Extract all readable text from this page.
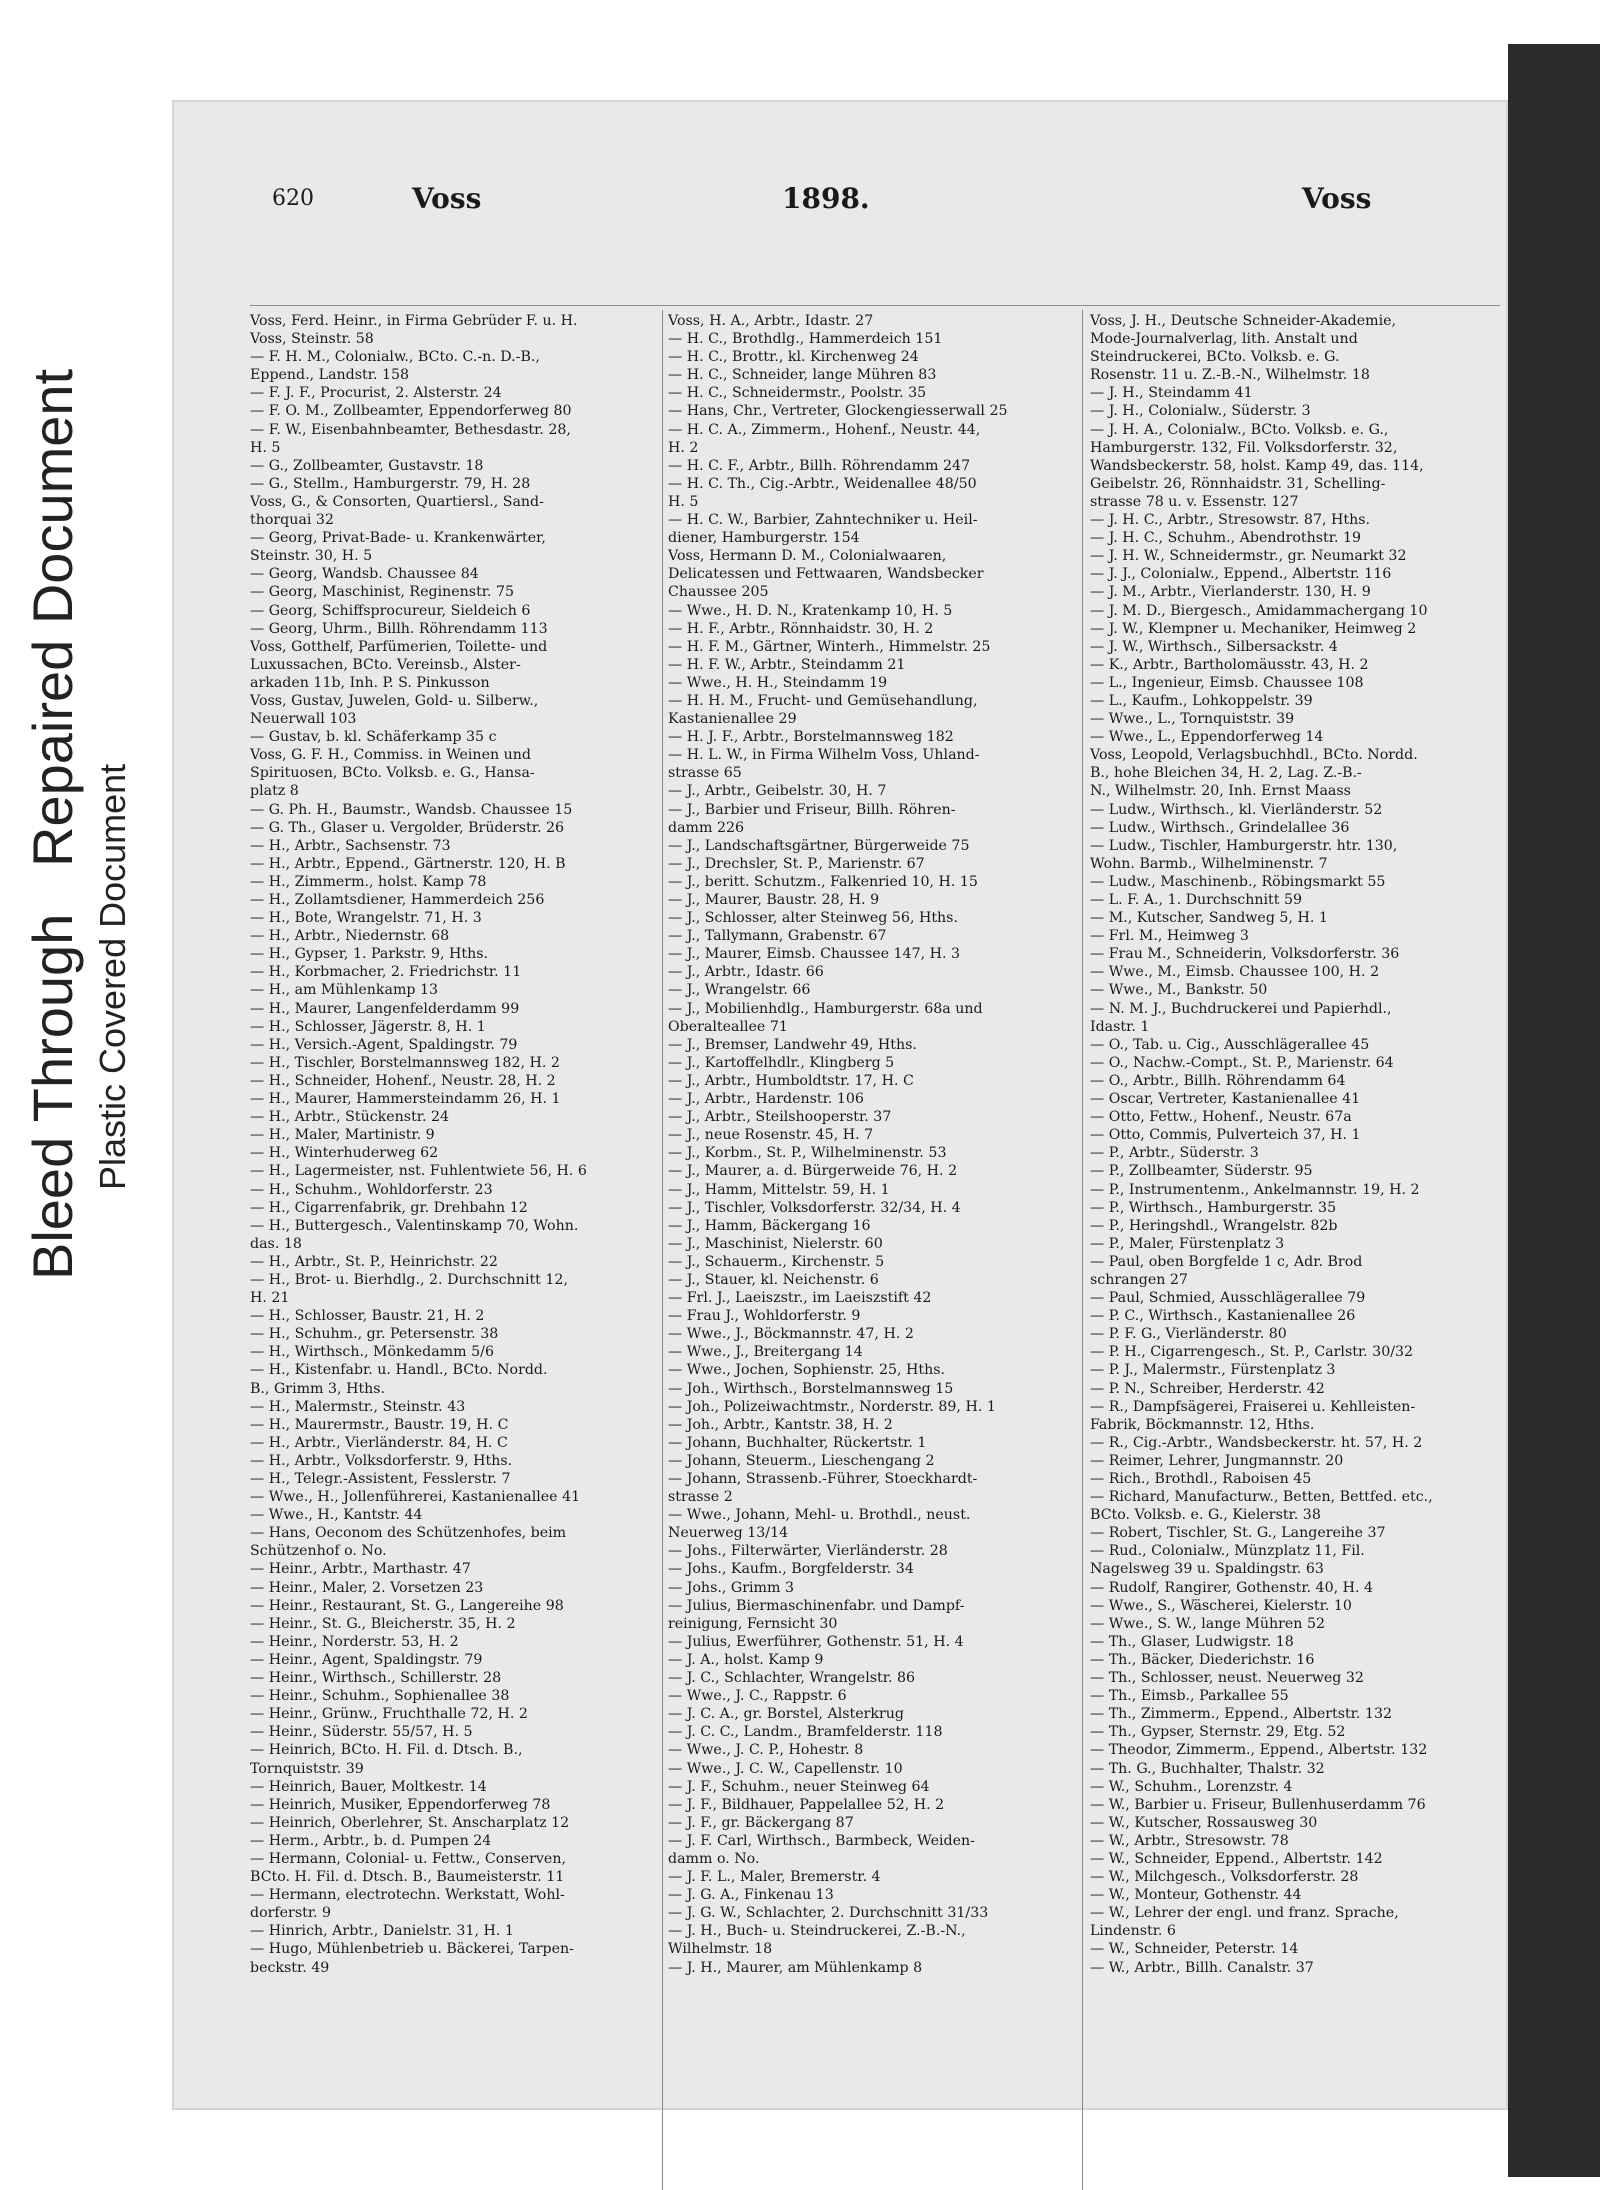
Bleed Through   Repaired Document
Plastic Covered Document
620	Voss	1898.	Voss
Voss, Ferd. Heinr., in Firma Gebrüder F. u. H.
Voss, Steinstr. 58
— F. H. M., Colonialw., BCto. C.-n. D.-B.,
Eppend., Landstr. 158
— F. J. F., Procurist, 2. Alsterstr. 24
— F. O. M., Zollbeamter, Eppendorferweg 80
— F. W., Eisenbahnbeamter, Bethesdastr. 28,
H. 5
— G., Zollbeamter, Gustavstr. 18
— G., Stellm., Hamburgerstr. 79, H. 28
Voss, G., & Consorten, Quartiersl., Sand-
thorquai 32
— Georg, Privat-Bade- u. Krankenwärter,
Steinstr. 30, H. 5
— Georg, Wandsb. Chaussee 84
— Georg, Maschinist, Reginenstr. 75
— Georg, Schiffsprocureur, Sieldeich 6
— Georg, Uhrm., Billh. Röhrendamm 113
Voss, Gotthelf, Parfümerien, Toilette- und
Luxussachen, BCto. Vereinsb., Alster-
arkaden 11b, Inh. P. S. Pinkusson
Voss, Gustav, Juwelen, Gold- u. Silberw.,
Neuerwall 103
— Gustav, b. kl. Schäferkamp 35 c
Voss, G. F. H., Commiss. in Weinen und
Spirituosen, BCto. Volksb. e. G., Hansa-
platz 8
— G. Ph. H., Baumstr., Wandsb. Chaussee 15
— G. Th., Glaser u. Vergolder, Brüderstr. 26
— H., Arbtr., Sachsenstr. 73
— H., Arbtr., Eppend., Gärtnerstr. 120, H. B
— H., Zimmerm., holst. Kamp 78
— H., Zollamtsdiener, Hammerdeich 256
— H., Bote, Wrangelstr. 71, H. 3
— H., Arbtr., Niedernstr. 68
— H., Gypser, 1. Parkstr. 9, Hths.
— H., Korbmacher, 2. Friedrichstr. 11
— H., am Mühlenkamp 13
— H., Maurer, Langenfelderdamm 99
— H., Schlosser, Jägerstr. 8, H. 1
— H., Versich.-Agent, Spaldingstr. 79
— H., Tischler, Borstelmannsweg 182, H. 2
— H., Schneider, Hohenf., Neustr. 28, H. 2
— H., Maurer, Hammersteindamm 26, H. 1
— H., Arbtr., Stückenstr. 24
— H., Maler, Martinistr. 9
— H., Winterhuderweg 62
— H., Lagermeister, nst. Fuhlentwiete 56, H. 6
— H., Schuhm., Wohldorferstr. 23
— H., Cigarrenfabrik, gr. Drehbahn 12
— H., Buttergesch., Valentinskamp 70, Wohn.
das. 18
— H., Arbtr., St. P., Heinrichstr. 22
— H., Brot- u. Bierhdlg., 2. Durchschnitt 12,
H. 21
— H., Schlosser, Baustr. 21, H. 2
— H., Schuhm., gr. Petersenstr. 38
— H., Wirthsch., Mönkedamm 5/6
— H., Kistenfabr. u. Handl., BCto. Nordd.
B., Grimm 3, Hths.
— H., Malermstr., Steinstr. 43
— H., Maurermstr., Baustr. 19, H. C
— H., Arbtr., Vierländerstr. 84, H. C
— H., Arbtr., Volksdorferstr. 9, Hths.
— H., Telegr.-Assistent, Fesslerstr. 7
— Wwe., H., Jollenführerei, Kastanienallee 41
— Wwe., H., Kantstr. 44
— Hans, Oeconom des Schützenhofes, beim
Schützenhof o. No.
— Heinr., Arbtr., Marthastr. 47
— Heinr., Maler, 2. Vorsetzen 23
— Heinr., Restaurant, St. G., Langereihe 98
— Heinr., St. G., Bleicherstr. 35, H. 2
— Heinr., Norderstr. 53, H. 2
— Heinr., Agent, Spaldingstr. 79
— Heinr., Wirthsch., Schillerstr. 28
— Heinr., Schuhm., Sophienallee 38
— Heinr., Grünw., Fruchthalle 72, H. 2
— Heinr., Süderstr. 55/57, H. 5
— Heinrich, BCto. H. Fil. d. Dtsch. B.,
Tornquiststr. 39
— Heinrich, Bauer, Moltkestr. 14
— Heinrich, Musiker, Eppendorferweg 78
— Heinrich, Oberlehrer, St. Anscharplatz 12
— Herm., Arbtr., b. d. Pumpen 24
— Hermann, Colonial- u. Fettw., Conserven,
BCto. H. Fil. d. Dtsch. B., Baumeisterstr. 11
— Hermann, electrotechn. Werkstatt, Wohl-
dorferstr. 9
— Hinrich, Arbtr., Danielstr. 31, H. 1
— Hugo, Mühlenbetrieb u. Bäckerei, Tarpen-
beckstr. 49
Voss, H. A., Arbtr., Idastr. 27
— H. C., Brothdlg., Hammerdeich 151
— H. C., Brottr., kl. Kirchenweg 24
— H. C., Schneider, lange Mühren 83
— H. C., Schneidermstr., Poolstr. 35
— Hans, Chr., Vertreter, Glockengiesserwall 25
— H. C. A., Zimmerm., Hohenf., Neustr. 44,
H. 2
— H. C. F., Arbtr., Billh. Röhrendamm 247
— H. C. Th., Cig.-Arbtr., Weidenallee 48/50
H. 5
— H. C. W., Barbier, Zahntechniker u. Heil-
diener, Hamburgerstr. 154
Voss, Hermann D. M., Colonialwaaren,
Delicatessen und Fettwaaren, Wandsbecker
Chaussee 205
— Wwe., H. D. N., Kratenkamp 10, H. 5
— H. F., Arbtr., Rönnhaidstr. 30, H. 2
— H. F. M., Gärtner, Winterh., Himmelstr. 25
— H. F. W., Arbtr., Steindamm 21
— Wwe., H. H., Steindamm 19
— H. H. M., Frucht- und Gemüsehandlung,
Kastanienallee 29
— H. J. F., Arbtr., Borstelmannsweg 182
— H. L. W., in Firma Wilhelm Voss, Uhland-
strasse 65
— J., Arbtr., Geibelstr. 30, H. 7
— J., Barbier und Friseur, Billh. Röhren-
damm 226
— J., Landschaftsgärtner, Bürgerweide 75
— J., Drechsler, St. P., Marienstr. 67
— J., beritt. Schutzm., Falkenried 10, H. 15
— J., Maurer, Baustr. 28, H. 9
— J., Schlosser, alter Steinweg 56, Hths.
— J., Tallymann, Grabenstr. 67
— J., Maurer, Eimsb. Chaussee 147, H. 3
— J., Arbtr., Idastr. 66
— J., Wrangelstr. 66
— J., Mobilienhdlg., Hamburgerstr. 68a und
Oberalteallee 71
— J., Bremser, Landwehr 49, Hths.
— J., Kartoffelhdlr., Klingberg 5
— J., Arbtr., Humboldtstr. 17, H. C
— J., Arbtr., Hardenstr. 106
— J., Arbtr., Steilshooperstr. 37
— J., neue Rosenstr. 45, H. 7
— J., Korbm., St. P., Wilhelminenstr. 53
— J., Maurer, a. d. Bürgerweide 76, H. 2
— J., Hamm, Mittelstr. 59, H. 1
— J., Tischler, Volksdorferstr. 32/34, H. 4
— J., Hamm, Bäckergang 16
— J., Maschinist, Nielerstr. 60
— J., Schauerm., Kirchenstr. 5
— J., Stauer, kl. Neichenstr. 6
— Frl. J., Laeiszstr., im Laeiszstift 42
— Frau J., Wohldorferstr. 9
— Wwe., J., Böckmannstr. 47, H. 2
— Wwe., J., Breitergang 14
— Wwe., Jochen, Sophienstr. 25, Hths.
— Joh., Wirthsch., Borstelmannsweg 15
— Joh., Polizeiwachtmstr., Norderstr. 89, H. 1
— Joh., Arbtr., Kantstr. 38, H. 2
— Johann, Buchhalter, Rückertstr. 1
— Johann, Steuerm., Lieschengang 2
— Johann, Strassenb.-Führer, Stoeckhardt-
strasse 2
— Wwe., Johann, Mehl- u. Brothdl., neust.
Neuerweg 13/14
— Johs., Filterwärter, Vierländerstr. 28
— Johs., Kaufm., Borgfelderstr. 34
— Johs., Grimm 3
— Julius, Biermaschinenfabr. und Dampf-
reinigung, Fernsicht 30
— Julius, Ewerführer, Gothenstr. 51, H. 4
— J. A., holst. Kamp 9
— J. C., Schlachter, Wrangelstr. 86
— Wwe., J. C., Rappstr. 6
— J. C. A., gr. Borstel, Alsterkrug
— J. C. C., Landm., Bramfelderstr. 118
— Wwe., J. C. P., Hohestr. 8
— Wwe., J. C. W., Capellenstr. 10
— J. F., Schuhm., neuer Steinweg 64
— J. F., Bildhauer, Pappelallee 52, H. 2
— J. F., gr. Bäckergang 87
— J. F. Carl, Wirthsch., Barmbeck, Weiden-
damm o. No.
— J. F. L., Maler, Bremerstr. 4
— J. G. A., Finkenau 13
— J. G. W., Schlachter, 2. Durchschnitt 31/33
— J. H., Buch- u. Steindruckerei, Z.-B.-N.,
Wilhelmstr. 18
— J. H., Maurer, am Mühlenkamp 8
Voss, J. H., Deutsche Schneider-Akademie,
Mode-Journalverlag, lith. Anstalt und
Steindruckerei, BCto. Volksb. e. G.
Rosenstr. 11 u. Z.-B.-N., Wilhelmstr. 18
— J. H., Steindamm 41
— J. H., Colonialw., Süderstr. 3
— J. H. A., Colonialw., BCto. Volksb. e. G.,
Hamburgerstr. 132, Fil. Volksdorferstr. 32,
Wandsbeckerstr. 58, holst. Kamp 49, das. 114,
Geibelstr. 26, Rönnhaidstr. 31, Schelling-
strasse 78 u. v. Essenstr. 127
— J. H. C., Arbtr., Stresowstr. 87, Hths.
— J. H. C., Schuhm., Abendrothstr. 19
— J. H. W., Schneidermstr., gr. Neumarkt 32
— J. J., Colonialw., Eppend., Albertstr. 116
— J. M., Arbtr., Vierlanderstr. 130, H. 9
— J. M. D., Biergesch., Amidammachergang 10
— J. W., Klempner u. Mechaniker, Heimweg 2
— J. W., Wirthsch., Silbersackstr. 4
— K., Arbtr., Bartholomäusstr. 43, H. 2
— L., Ingenieur, Eimsb. Chaussee 108
— L., Kaufm., Lohkoppelstr. 39
— Wwe., L., Tornquiststr. 39
— Wwe., L., Eppendorferweg 14
Voss, Leopold, Verlagsbuchhdl., BCto. Nordd.
B., hohe Bleichen 34, H. 2, Lag. Z.-B.-
N., Wilhelmstr. 20, Inh. Ernst Maass
— Ludw., Wirthsch., kl. Vierländerstr. 52
— Ludw., Wirthsch., Grindelallee 36
— Ludw., Tischler, Hamburgerstr. htr. 130,
Wohn. Barmb., Wilhelminenstr. 7
— Ludw., Maschinenb., Röbingsmarkt 55
— L. F. A., 1. Durchschnitt 59
— M., Kutscher, Sandweg 5, H. 1
— Frl. M., Heimweg 3
— Frau M., Schneiderin, Volksdorferstr. 36
— Wwe., M., Eimsb. Chaussee 100, H. 2
— Wwe., M., Bankstr. 50
— N. M. J., Buchdruckerei und Papierhdl.,
Idastr. 1
— O., Tab. u. Cig., Ausschlägerallee 45
— O., Nachw.-Compt., St. P., Marienstr. 64
— O., Arbtr., Billh. Röhrendamm 64
— Oscar, Vertreter, Kastanienallee 41
— Otto, Fettw., Hohenf., Neustr. 67a
— Otto, Commis, Pulverteich 37, H. 1
— P., Arbtr., Süderstr. 3
— P., Zollbeamter, Süderstr. 95
— P., Instrumentenm., Ankelmannstr. 19, H. 2
— P., Wirthsch., Hamburgerstr. 35
— P., Heringshdl., Wrangelstr. 82b
— P., Maler, Fürstenplatz 3
— Paul, oben Borgfelde 1 c, Adr. Brod
schrangen 27
— Paul, Schmied, Ausschlägerallee 79
— P. C., Wirthsch., Kastanienallee 26
— P. F. G., Vierländerstr. 80
— P. H., Cigarrengesch., St. P., Carlstr. 30/32
— P. J., Malermstr., Fürstenplatz 3
— P. N., Schreiber, Herderstr. 42
— R., Dampfsägerei, Fraiserei u. Kehlleisten-
Fabrik, Böckmannstr. 12, Hths.
— R., Cig.-Arbtr., Wandsbeckerstr. ht. 57, H. 2
— Reimer, Lehrer, Jungmannstr. 20
— Rich., Brothdl., Raboisen 45
— Richard, Manufacturw., Betten, Bettfed. etc.,
BCto. Volksb. e. G., Kielerstr. 38
— Robert, Tischler, St. G., Langereihe 37
— Rud., Colonialw., Münzplatz 11, Fil.
Nagelsweg 39 u. Spaldingstr. 63
— Rudolf, Rangirer, Gothenstr. 40, H. 4
— Wwe., S., Wäscherei, Kielerstr. 10
— Wwe., S. W., lange Mühren 52
— Th., Glaser, Ludwigstr. 18
— Th., Bäcker, Diederichstr. 16
— Th., Schlosser, neust. Neuerweg 32
— Th., Eimsb., Parkallee 55
— Th., Zimmerm., Eppend., Albertstr. 132
— Th., Gypser, Sternstr. 29, Etg. 52
— Theodor, Zimmerm., Eppend., Albertstr. 132
— Th. G., Buchhalter, Thalstr. 32
— W., Schuhm., Lorenzstr. 4
— W., Barbier u. Friseur, Bullenhuserdamm 76
— W., Kutscher, Rossausweg 30
— W., Arbtr., Stresowstr. 78
— W., Schneider, Eppend., Albertstr. 142
— W., Milchgesch., Volksdorferstr. 28
— W., Monteur, Gothenstr. 44
— W., Lehrer der engl. und franz. Sprache,
Lindenstr. 6
— W., Schneider, Peterstr. 14
— W., Arbtr., Billh. Canalstr. 37
